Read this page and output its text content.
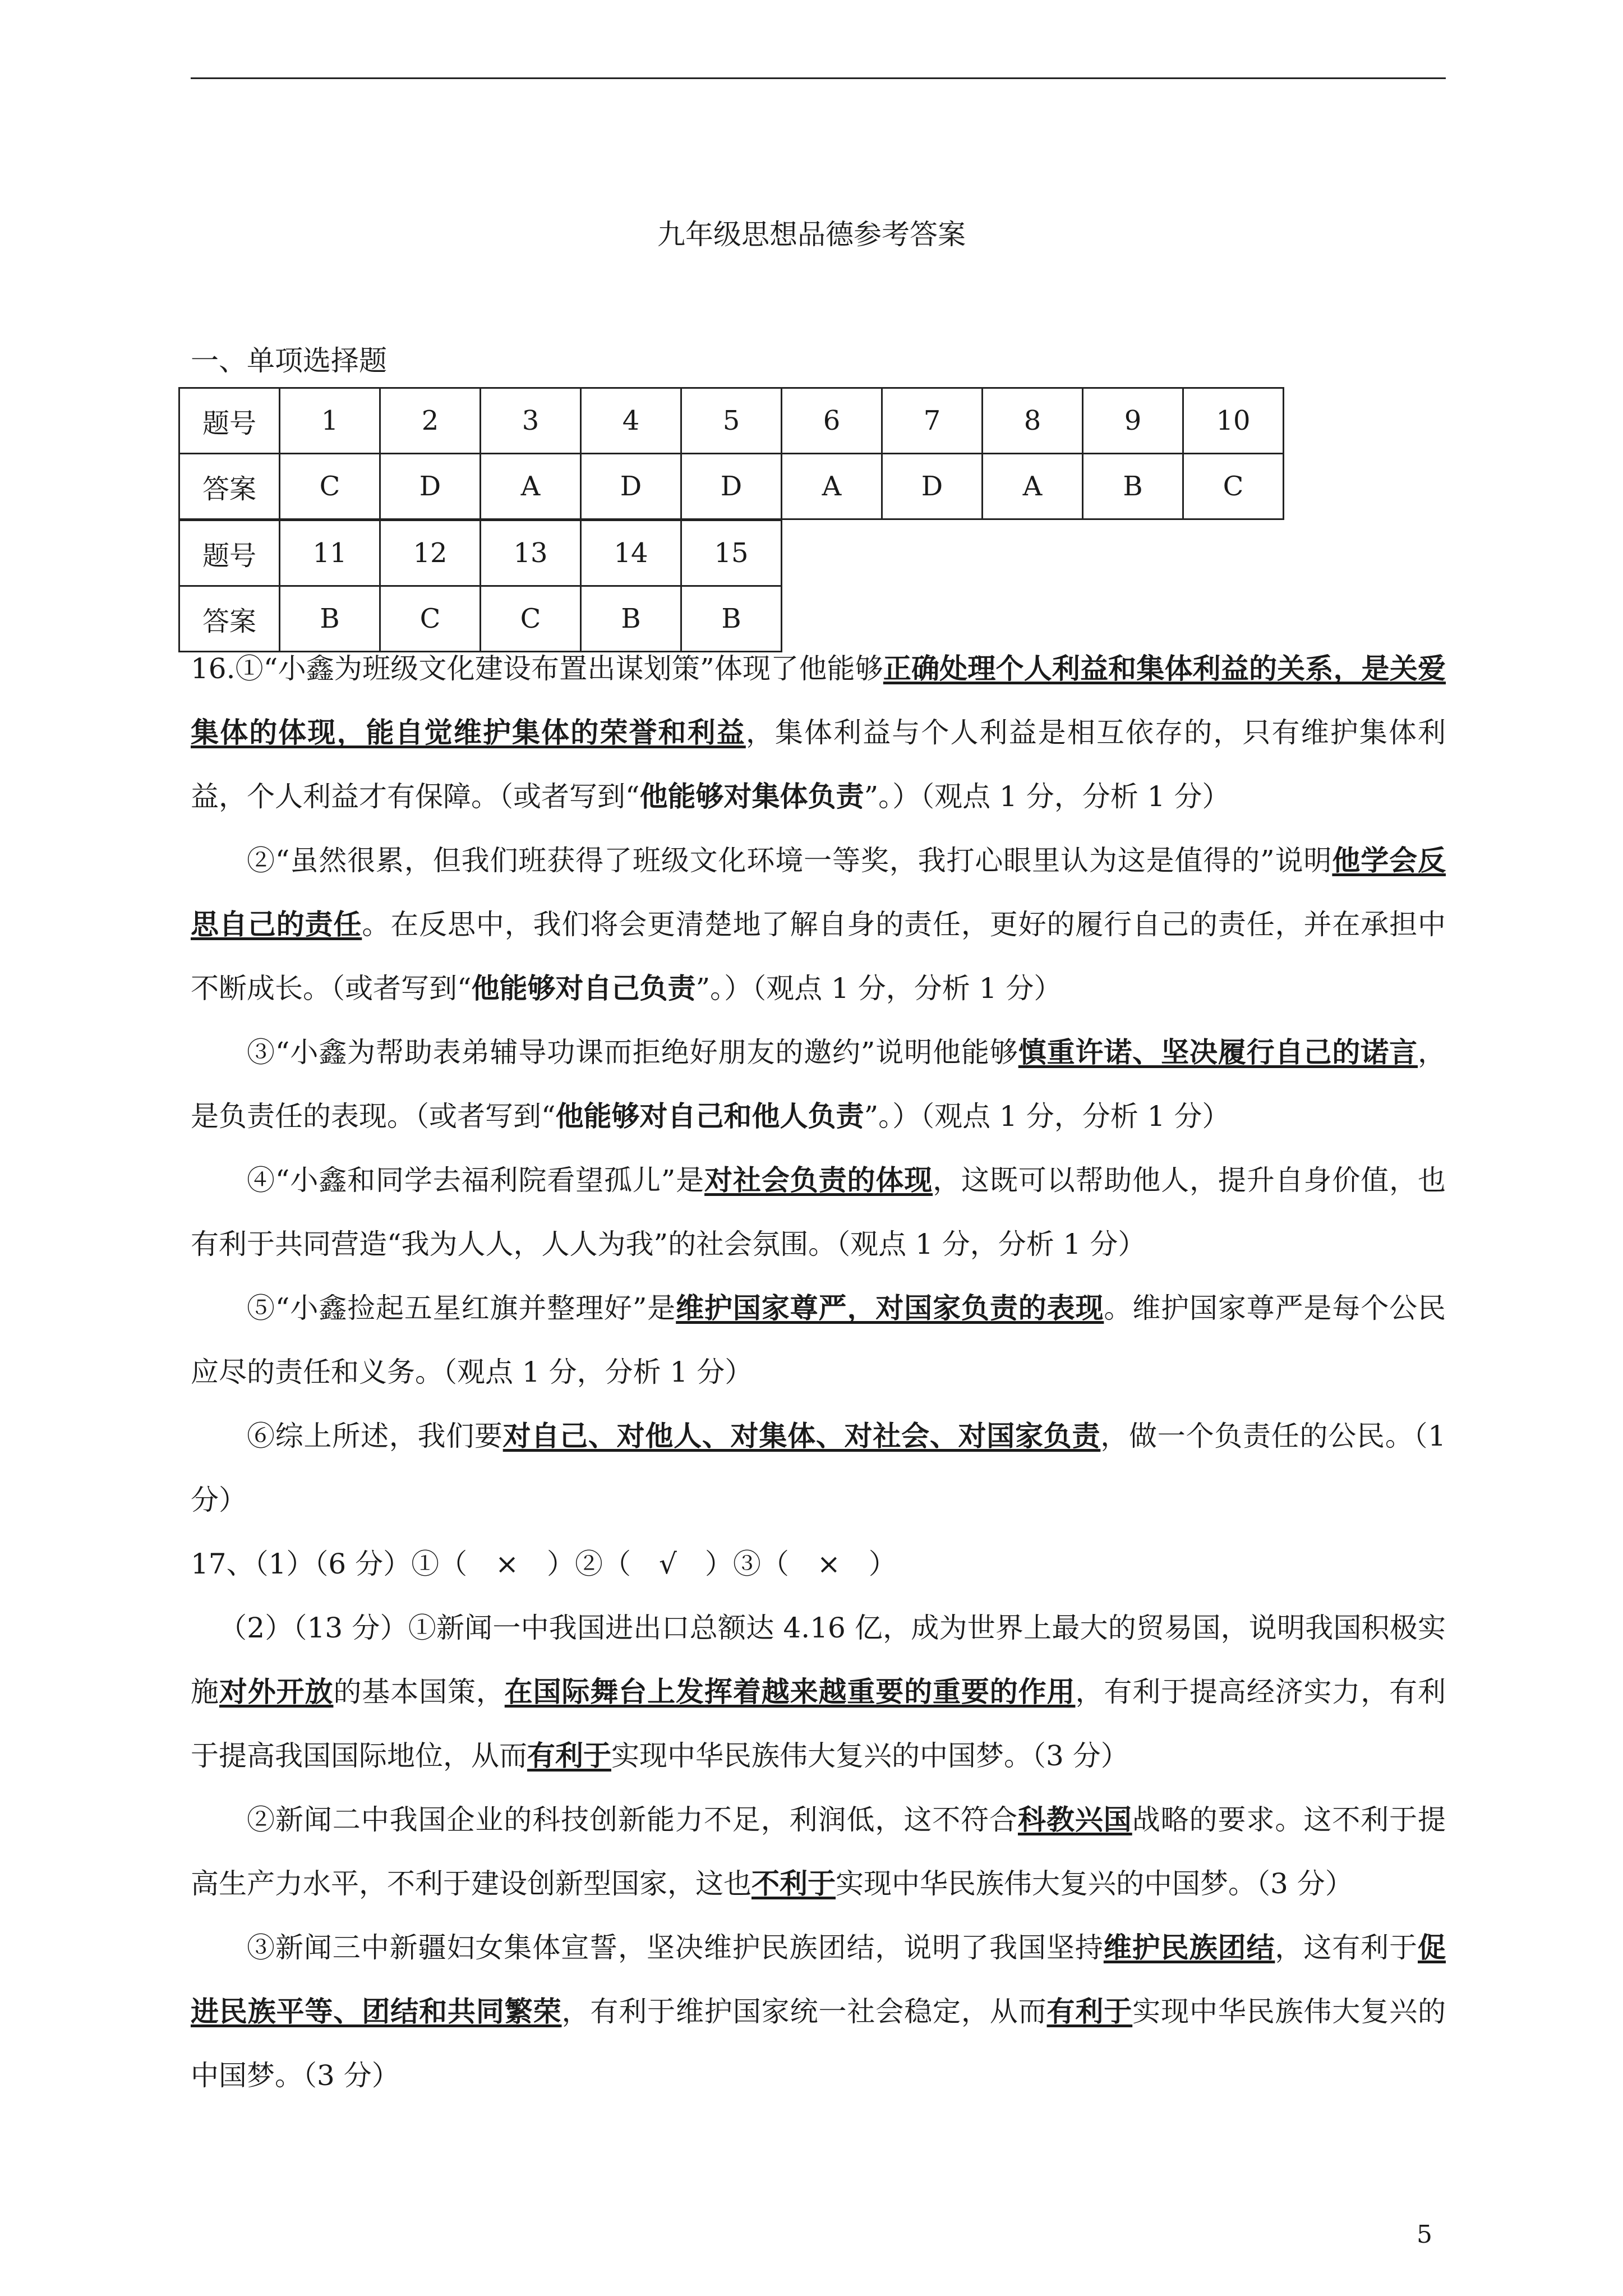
九年级思想品德参考答案
一、单项选择题
题号	1	2	3	4	5	6	7	8	9	10
答案	C	D	A	D	D	A	D	A	B	C
题号	11	12	13	14	15
答案	B	C	C	B	B

16.①“小鑫为班级文化建设布置出谋划策”体现了他能够正确处理个人利益和集体利益的关系，是关爱集体的体现，能自觉维护集体的荣誉和利益，集体利益与个人利益是相互依存的，只有维护集体利益，个人利益才有保障。（或者写到“他能够对集体负责”。）（观点 1 分，分析 1 分）

②“虽然很累，但我们班获得了班级文化环境一等奖，我打心眼里认为这是值得的”说明他学会反思自己的责任。在反思中，我们将会更清楚地了解自身的责任，更好的履行自己的责任，并在承担中不断成长。（或者写到“他能够对自己负责”。）（观点 1 分，分析 1 分）

③“小鑫为帮助表弟辅导功课而拒绝好朋友的邀约”说明他能够慎重许诺、坚决履行自己的诺言，是负责任的表现。（或者写到“他能够对自己和他人负责”。）（观点 1 分，分析 1 分）

④“小鑫和同学去福利院看望孤儿”是对社会负责的体现，这既可以帮助他人，提升自身价值，也有利于共同营造“我为人人，人人为我”的社会氛围。（观点 1 分，分析 1 分）

⑤“小鑫捡起五星红旗并整理好”是维护国家尊严，对国家负责的表现。维护国家尊严是每个公民应尽的责任和义务。（观点 1 分，分析 1 分）

⑥综上所述，我们要对自己、对他人、对集体、对社会、对国家负责，做一个负责任的公民。（1 分）

17、（1）（6 分）①（　×　）②（　√　）③（　×　）

（2）（13 分）①新闻一中我国进出口总额达 4.16 亿，成为世界上最大的贸易国，说明我国积极实施对外开放的基本国策，在国际舞台上发挥着越来越重要的重要的作用，有利于提高经济实力，有利于提高我国国际地位，从而有利于实现中华民族伟大复兴的中国梦。（3 分）

②新闻二中我国企业的科技创新能力不足，利润低，这不符合科教兴国战略的要求。这不利于提高生产力水平，不利于建设创新型国家，这也不利于实现中华民族伟大复兴的中国梦。（3 分）

③新闻三中新疆妇女集体宣誓，坚决维护民族团结，说明了我国坚持维护民族团结，这有利于促进民族平等、团结和共同繁荣，有利于维护国家统一社会稳定，从而有利于实现中华民族伟大复兴的中国梦。（3 分）

5
